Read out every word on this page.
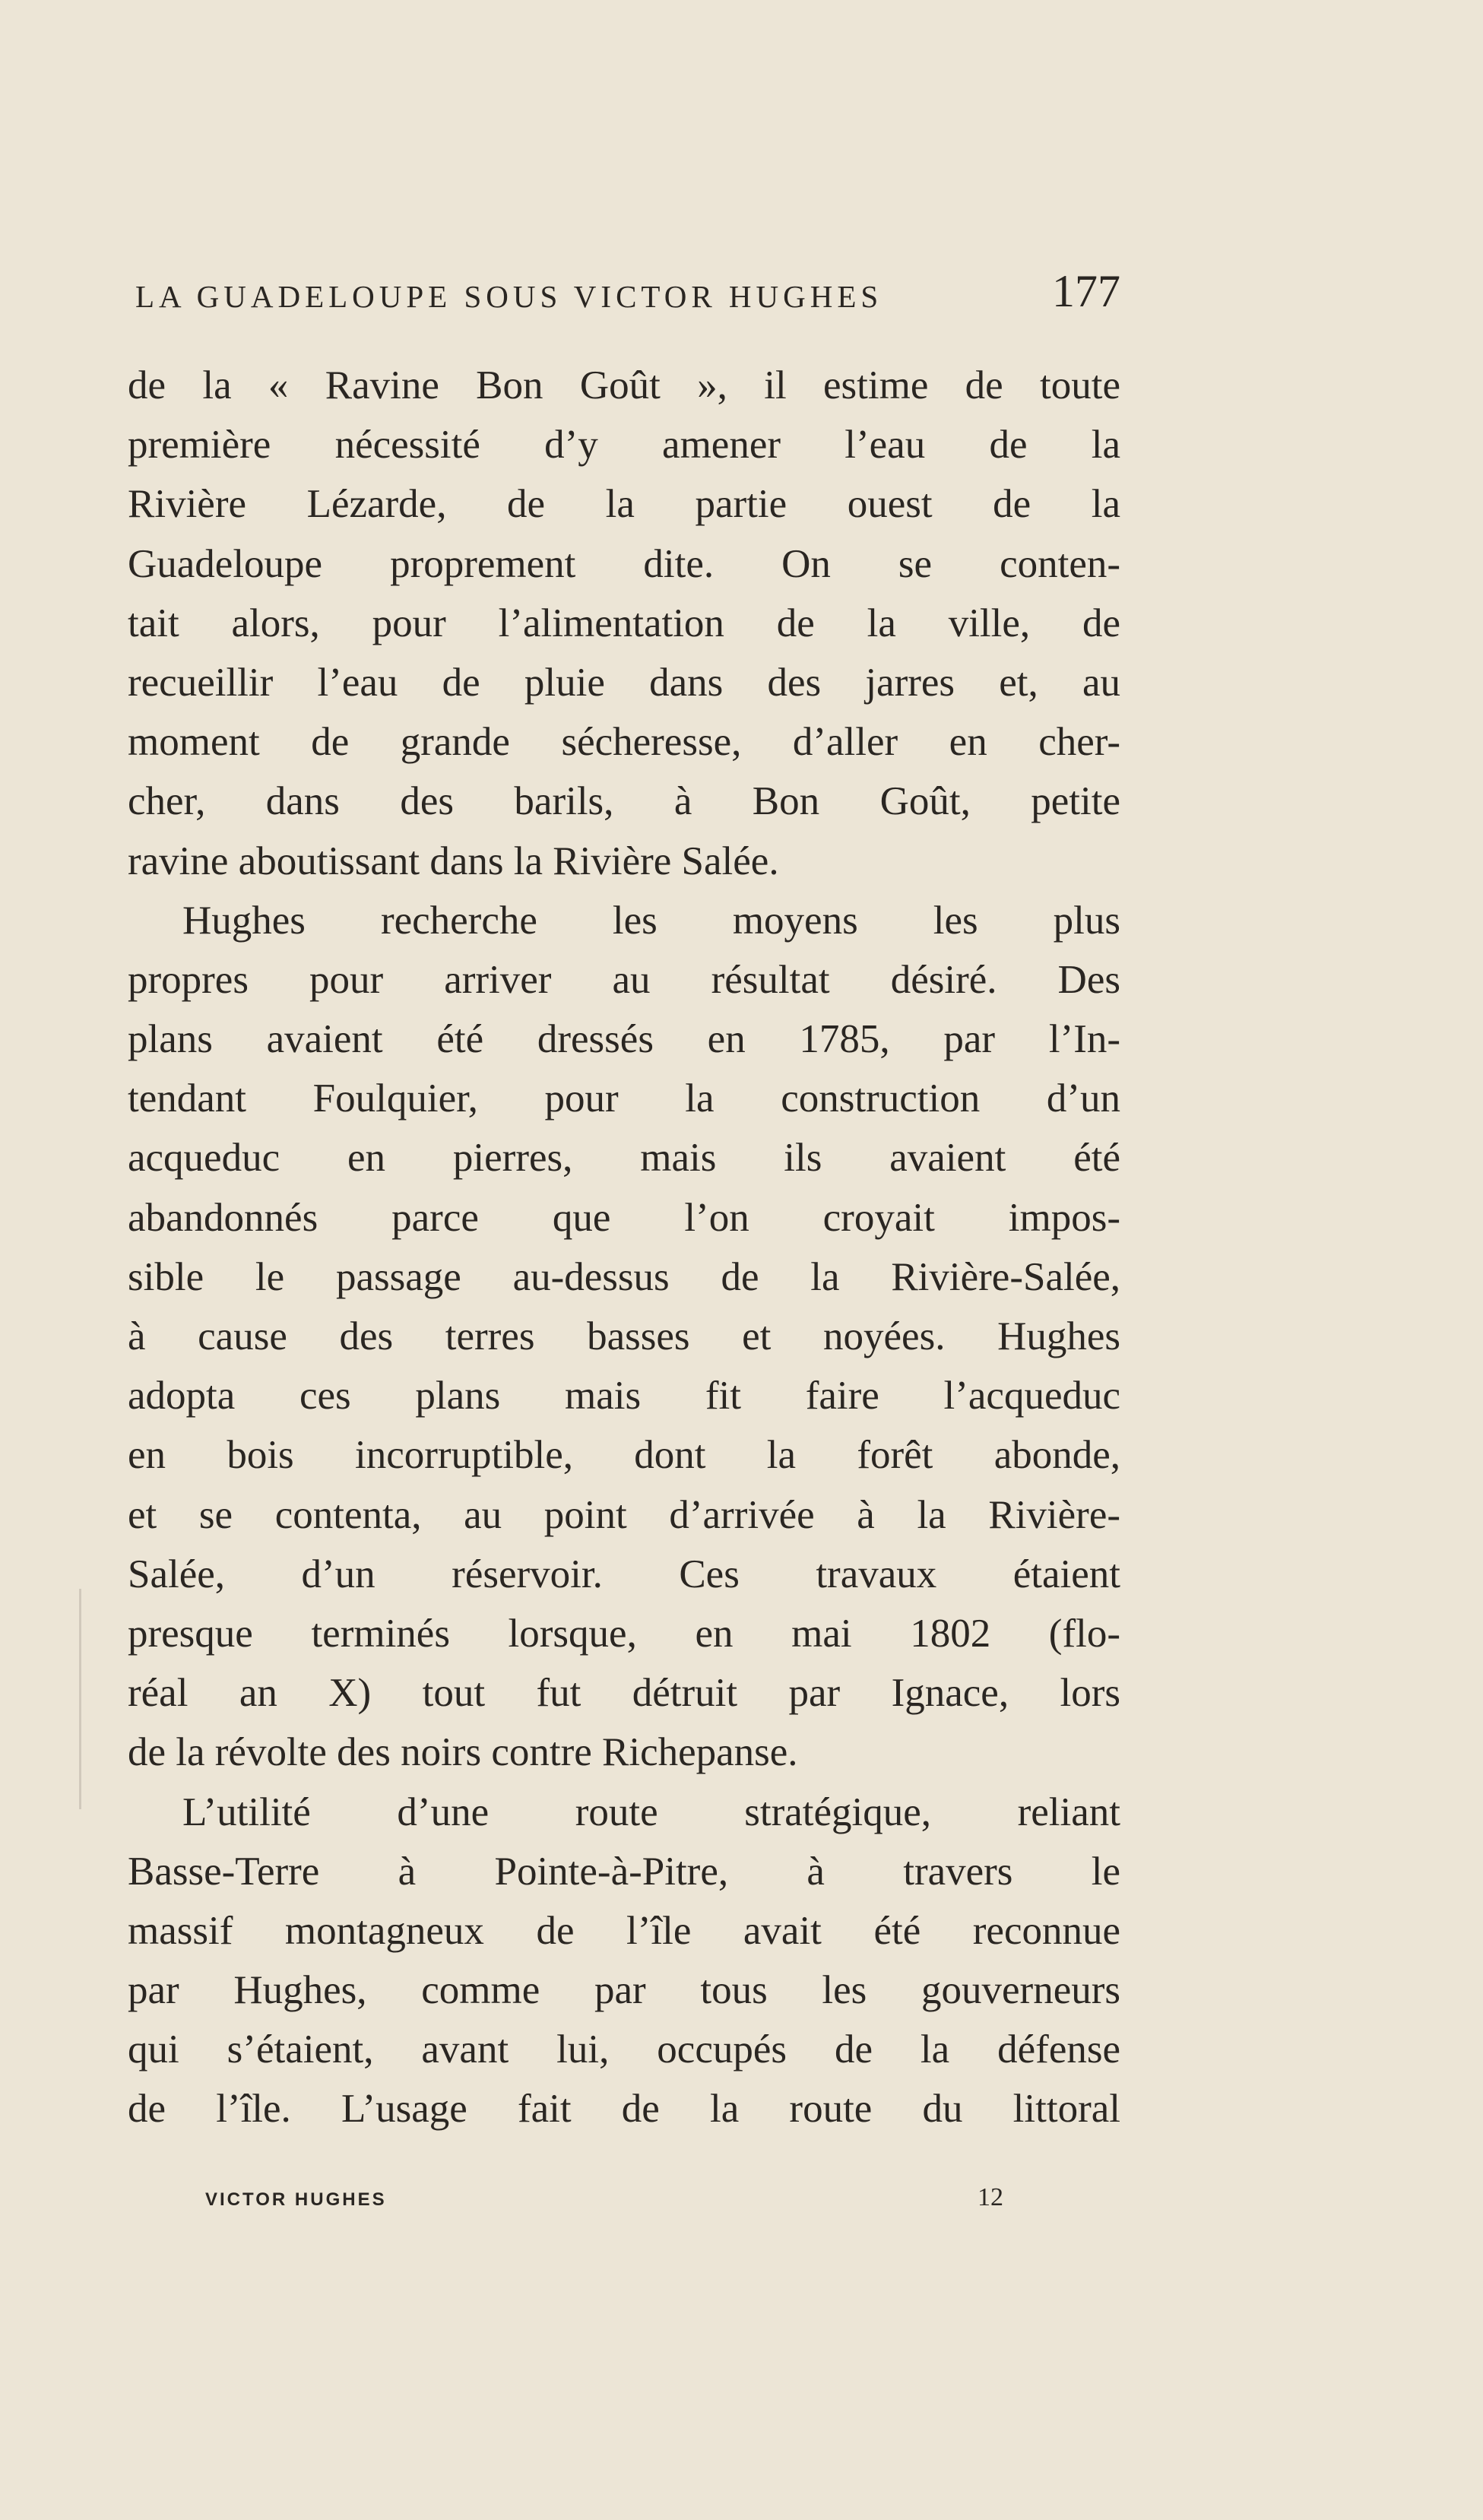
LA GUADELOUPE SOUS VICTOR HUGHES	177
de la « Ravine Bon Goût », il estime de toute
première nécessité d’y amener l’eau de la
Rivière Lézarde, de la partie ouest de la
Guadeloupe proprement dite. On se conten-
tait alors, pour l’alimentation de la ville, de
recueillir l’eau de pluie dans des jarres et, au
moment de grande sécheresse, d’aller en cher-
cher, dans des barils, à Bon Goût, petite
ravine aboutissant dans la Rivière Salée.
Hughes recherche les moyens les plus
propres pour arriver au résultat désiré. Des
plans avaient été dressés en 1785, par l’In-
tendant Foulquier, pour la construction d’un
acqueduc en pierres, mais ils avaient été
abandonnés parce que l’on croyait impos-
sible le passage au-dessus de la Rivière-Salée,
à cause des terres basses et noyées. Hughes
adopta ces plans mais fit faire l’acqueduc
en bois incorruptible, dont la forêt abonde,
et se contenta, au point d’arrivée à la Rivière-
Salée, d’un réservoir. Ces travaux étaient
presque terminés lorsque, en mai 1802 (flo-
réal an X) tout fut détruit par Ignace, lors
de la révolte des noirs contre Richepanse.
L’utilité d’une route stratégique, reliant
Basse-Terre à Pointe-à-Pitre, à travers le
massif montagneux de l’île avait été reconnue
par Hughes, comme par tous les gouverneurs
qui s’étaient, avant lui, occupés de la défense
de l’île. L’usage fait de la route du littoral
VICTOR HUGHES	12
